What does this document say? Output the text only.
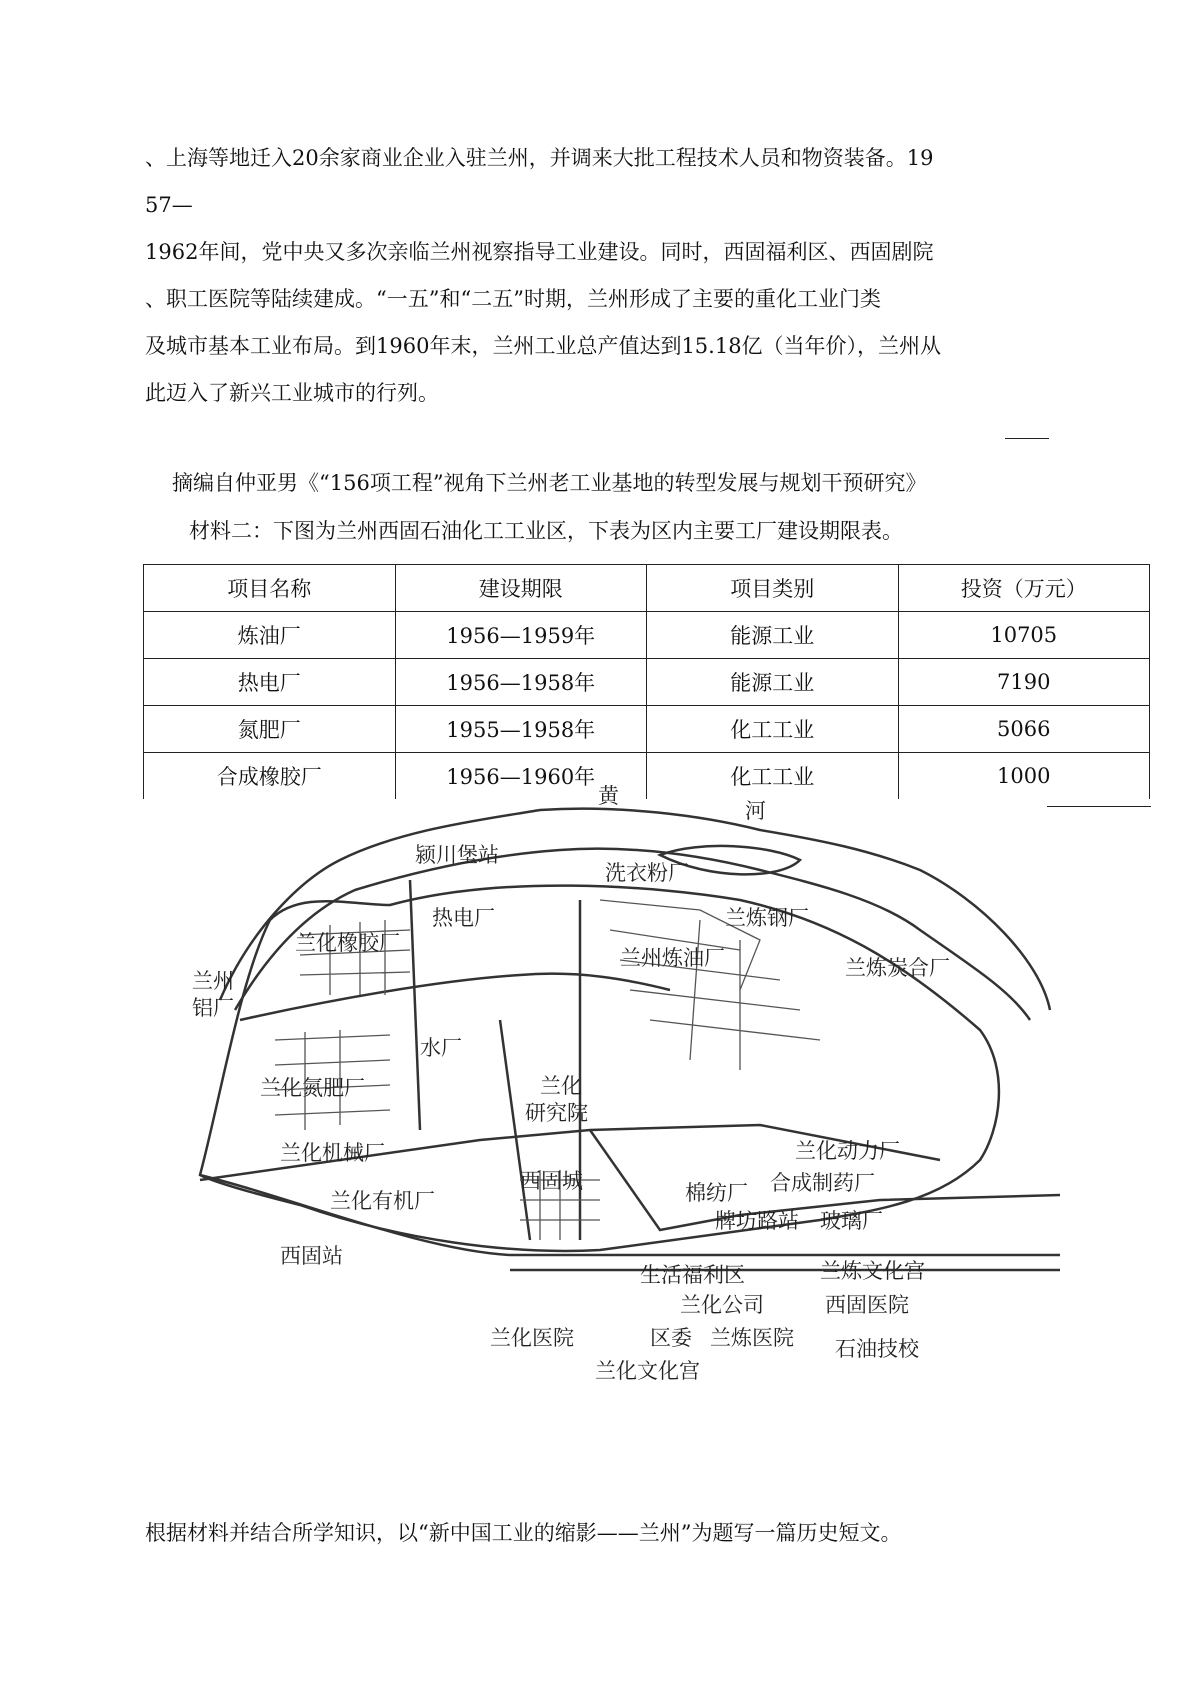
、上海等地迁入20余家商业企业入驻兰州，并调来大批工程技术人员和物资装备。19
57—
1962年间，党中央又多次亲临兰州视察指导工业建设。同时，西固福利区、西固剧院
、职工医院等陆续建成。“一五”和“二五”时期，兰州形成了主要的重化工业门类
及城市基本工业布局。到1960年末，兰州工业总产值达到15.18亿（当年价），兰州从
此迈入了新兴工业城市的行列。
摘编自仲亚男《“156项工程”视角下兰州老工业基地的转型发展与规划干预研究》
材料二：下图为兰州西固石油化工工业区，下表为区内主要工厂建设期限表。
项目名称	建设期限	项目类别	投资（万元）
炼油厂	1956—1959年	能源工业	10705
热电厂	1956—1958年	能源工业	7190
氮肥厂	1955—1958年	化工工业	5066
合成橡胶厂	1956—1960年	化工工业	1000
黄
河
颍川堡站
洗衣粉厂
兰炼钢厂
兰炼炭合厂
兰化橡胶厂
热电厂
兰州炼油厂
兰州
铝厂
水厂
兰化氮肥厂	兰化
研究院
兰化机械厂	兰化动力厂
西固城	合成制药厂
兰化有机厂	棉纺厂
牌坊路站 玻璃厂
西固站
生活福利区	兰炼文化宫
兰化公司	西固医院
兰化医院	区委 兰炼医院 石油技校
兰化文化宫
根据材料并结合所学知识，以“新中国工业的缩影——兰州”为题写一篇历史短文。
